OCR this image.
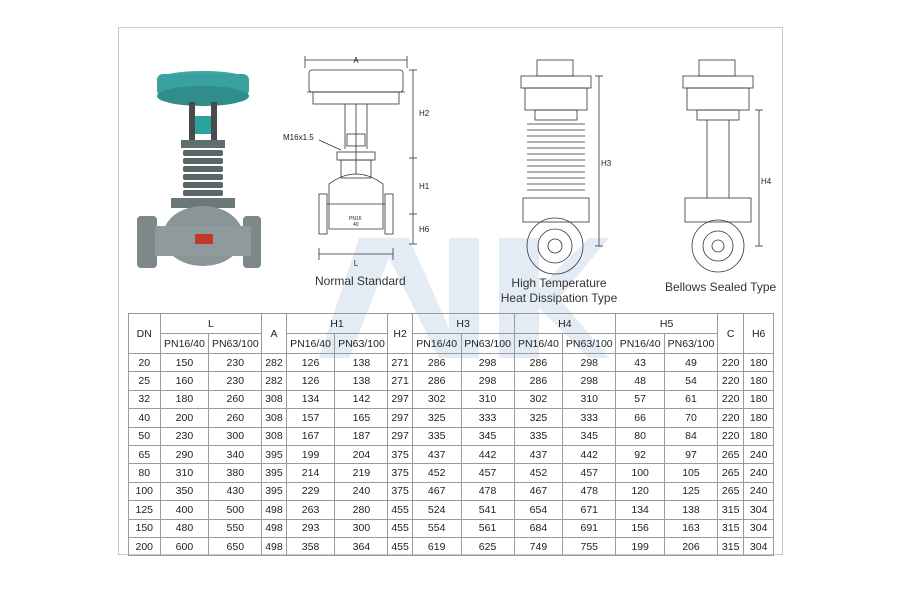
A
M16x1.5
H2
H1
H6
L
PN16
40
H3
H4
Normal Standard	High Temperature
Heat Dissipation Type
Bellows Sealed Type
DN	L		A	H1		H2	H3		H4		H5		C	H6
	PN16/40	PN63/100		PN16/40	PN63/100		PN16/40	PN63/100	PN16/40	PN63/100	PN16/40	PN63/100		
20	150	230	282	126	138	271	286	298	286	298	43	49	220	180
25	160	230	282	126	138	271	286	298	286	298	48	54	220	180
32	180	260	308	134	142	297	302	310	302	310	57	61	220	180
40	200	260	308	157	165	297	325	333	325	333	66	70	220	180
50	230	300	308	167	187	297	335	345	335	345	80	84	220	180
65	290	340	395	199	204	375	437	442	437	442	92	97	265	240
80	310	380	395	214	219	375	452	457	452	457	100	105	265	240
100	350	430	395	229	240	375	467	478	467	478	120	125	265	240
125	400	500	498	263	280	455	524	541	654	671	134	138	315	304
150	480	550	498	293	300	455	554	561	684	691	156	163	315	304
200	600	650	498	358	364	455	619	625	749	755	199	206	315	304
